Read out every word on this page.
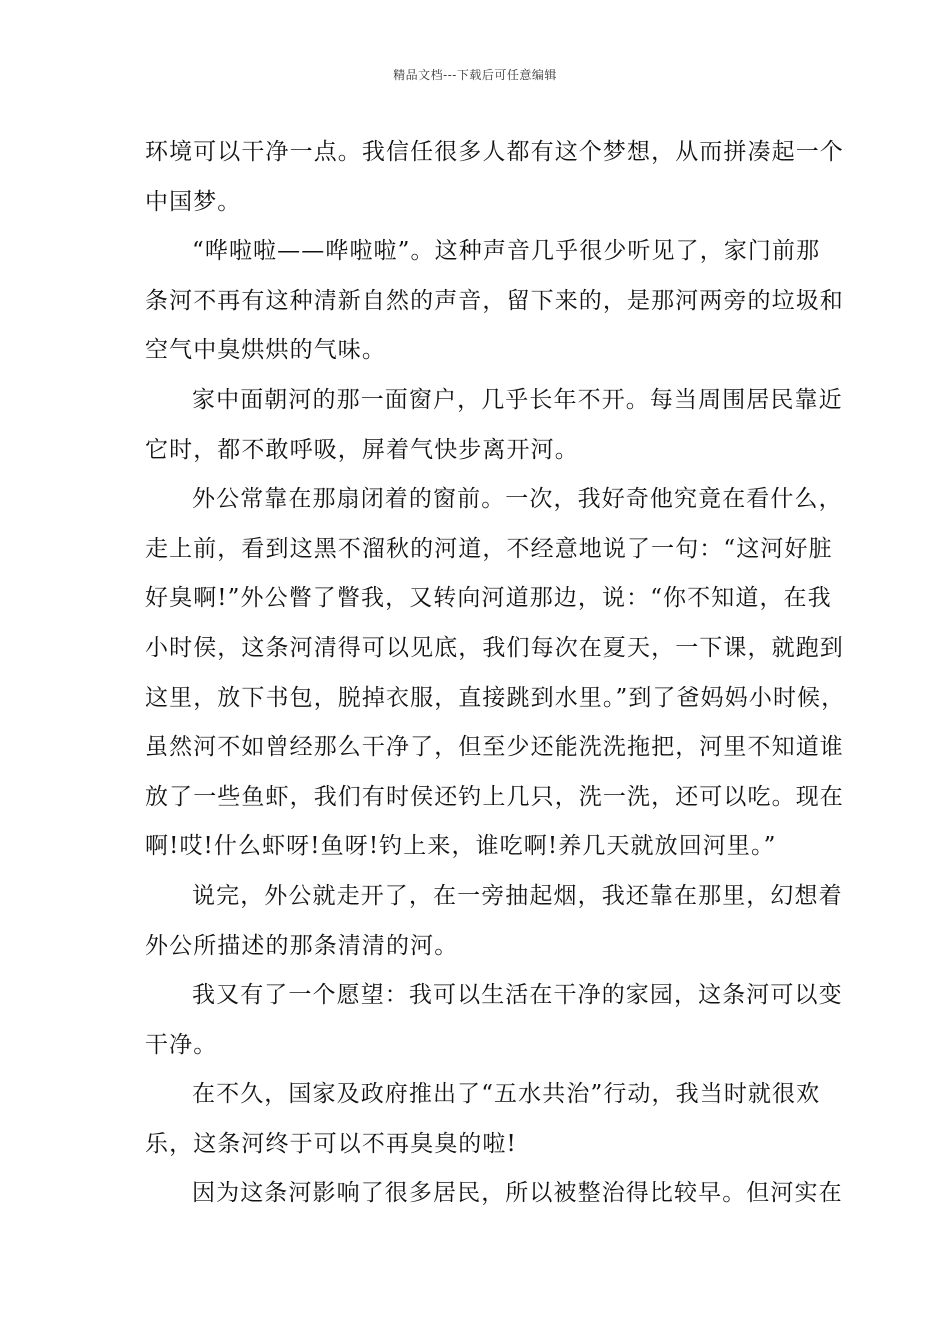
精品文档---下载后可任意编辑
环境可以干净一点。我信任很多人都有这个梦想，从而拼凑起一个
中国梦。
“哗啦啦——哗啦啦”。这种声音几乎很少听见了，家门前那
条河不再有这种清新自然的声音，留下来的，是那河两旁的垃圾和
空气中臭烘烘的气味。
家中面朝河的那一面窗户，几乎长年不开。每当周围居民靠近
它时，都不敢呼吸，屏着气快步离开河。
外公常靠在那扇闭着的窗前。一次，我好奇他究竟在看什么，
走上前，看到这黑不溜秋的河道，不经意地说了一句：“这河好脏
好臭啊!”外公瞥了瞥我，又转向河道那边，说：“你不知道，在我
小时侯，这条河清得可以见底，我们每次在夏天，一下课，就跑到
这里，放下书包，脱掉衣服，直接跳到水里。”到了爸妈妈小时候，
虽然河不如曾经那么干净了，但至少还能洗洗拖把，河里不知道谁
放了一些鱼虾，我们有时侯还钓上几只，洗一洗，还可以吃。现在
啊!哎!什么虾呀!鱼呀!钓上来，谁吃啊!养几天就放回河里。”
说完，外公就走开了，在一旁抽起烟，我还靠在那里，幻想着
外公所描述的那条清清的河。
我又有了一个愿望：我可以生活在干净的家园，这条河可以变
干净。
在不久，国家及政府推出了“五水共治”行动，我当时就很欢
乐，这条河终于可以不再臭臭的啦!
因为这条河影响了很多居民，所以被整治得比较早。但河实在
